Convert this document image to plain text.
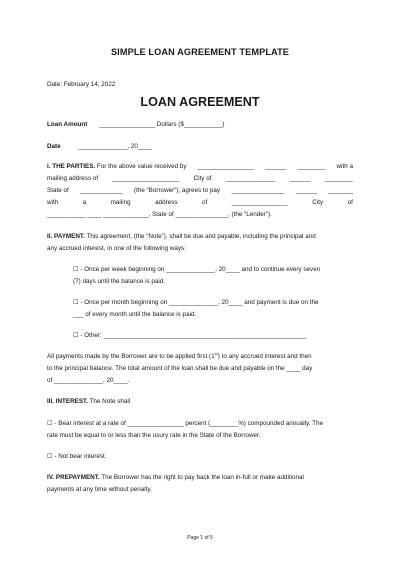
SIMPLE LOAN AGREEMENT TEMPLATE
Date: February 14, 2022
LOAN AGREEMENT
Loan Amount ________________ Dollars ($___________)
Date	______________, 20____
I. THE PARTIES. For the above value received by ________________ ______ ________ with a
mailing address of ___________________ City of ______________ ______ ________
State of ____________ (the “Borrower”), agrees to pay _______________ ______ _______
with	a	mailing	address	of	________________	City	of
___________ ____ _____________, State of _______________, (the “Lender”).
II. PAYMENT. This agreement, (the “Note”), shall be due and payable, including the principal and
any accrued interest, in one of the following ways:
☐ - Once per week beginning on ______________, 20____ and to continue every seven
(7) days until the balance is paid.
☐ - Once per month beginning on ______________, 20____ and payment is due on the
___ of every month until the balance is paid.
☐ - Other: __________________________________________________________
All payments made by the Borrower are to be applied first (1st) to any accrued interest and then
to the principal balance. The total amount of the loan shall be due and payable on the ____ day
of ______________, 20____.
III. INTEREST. The Note shall
☐ - Bear interest at a rate of ________________ percent (________%) compounded annually. The
rate must be equal to or less than the usury rate in the State of the Borrower.
☐ - Not bear interest.
IV. PREPAYMENT. The Borrower has the right to pay back the loan in-full or make additional
payments at any time without penalty.
Page 1 of 5
